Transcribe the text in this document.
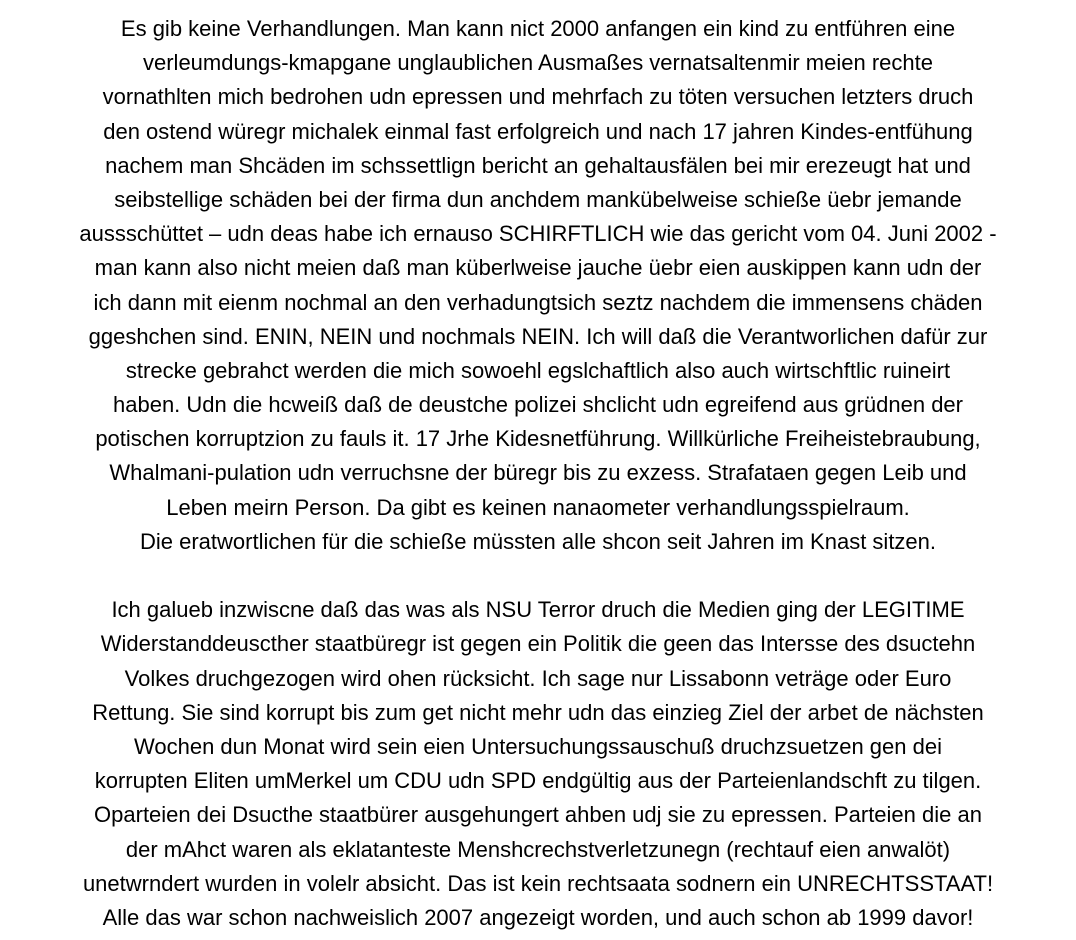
Es gib keine Verhandlungen. Man kann nict 2000 anfangen ein kind zu entführen eine
verleumdungs-kmapgane unglaublichen Ausmaßes vernatsaltenmir meien rechte
vornathlten mich bedrohen udn epressen und mehrfach zu töten versuchen letzters druch
den ostend würegr michalek einmal fast erfolgreich und nach 17 jahren Kindes-entfühung
nachem man Shcäden im schssettlign bericht an gehaltausfälen bei mir erezeugt hat und
seibstellige schäden bei der firma dun anchdem mankübelweise schieße üebr jemande
aussschüttet – udn deas habe ich ernauso SCHIRFTLICH wie das gericht vom 04. Juni 2002 -
man kann also nicht meien daß man küberlweise jauche üebr eien auskippen kann udn der
ich dann mit eienm nochmal an den verhadungtsich seztz nachdem die immensens chäden
ggeshchen sind. ENIN, NEIN und nochmals NEIN. Ich will daß die Verantworlichen dafür zur
strecke gebrahct werden die mich sowoehl egslchaftlich also auch wirtschftlic ruineirt
haben. Udn die hcweiß daß de deustche polizei shclicht udn egreifend aus grüdnen der
potischen korruptzion zu fauls it. 17 Jrhe Kidesnetführung. Willkürliche Freiheistebraubung,
Whalmani-pulation udn verruchsne der büregr bis zu exzess. Strafataen gegen Leib und
Leben meirn Person. Da gibt es keinen nanaometer verhandlungsspielraum.
Die eratwortlichen für die schieße müssten alle shcon seit Jahren im Knast sitzen.
Ich galueb inzwiscne daß das was als NSU Terror druch die Medien ging der LEGITIME
Widerstanddeuscther staatbüregr ist gegen ein Politik die geen das Intersse des dsuctehn
Volkes druchgezogen wird ohen rücksicht. Ich sage nur Lissabonn veträge oder Euro
Rettung. Sie sind korrupt bis zum get nicht mehr udn das einzieg Ziel der arbet de nächsten
Wochen dun Monat wird sein eien Untersuchungssauschuß druchzsuetzen gen dei
korrupten Eliten umMerkel um CDU udn SPD endgültig aus der Parteienlandschft zu tilgen.
Oparteien dei Dsucthe staatbürer ausgehungert ahben udj sie zu epressen. Parteien die an
der mAhct waren als eklatanteste Menshcrechstverletzunegn (rechtauf eien anwalöt)
unetwrndert wurden in volelr absicht. Das ist kein rechtsaata sodnern ein UNRECHTSSTAAT!
Alle das war schon nachweislich 2007 angezeigt worden, und auch schon ab 1999 davor!
